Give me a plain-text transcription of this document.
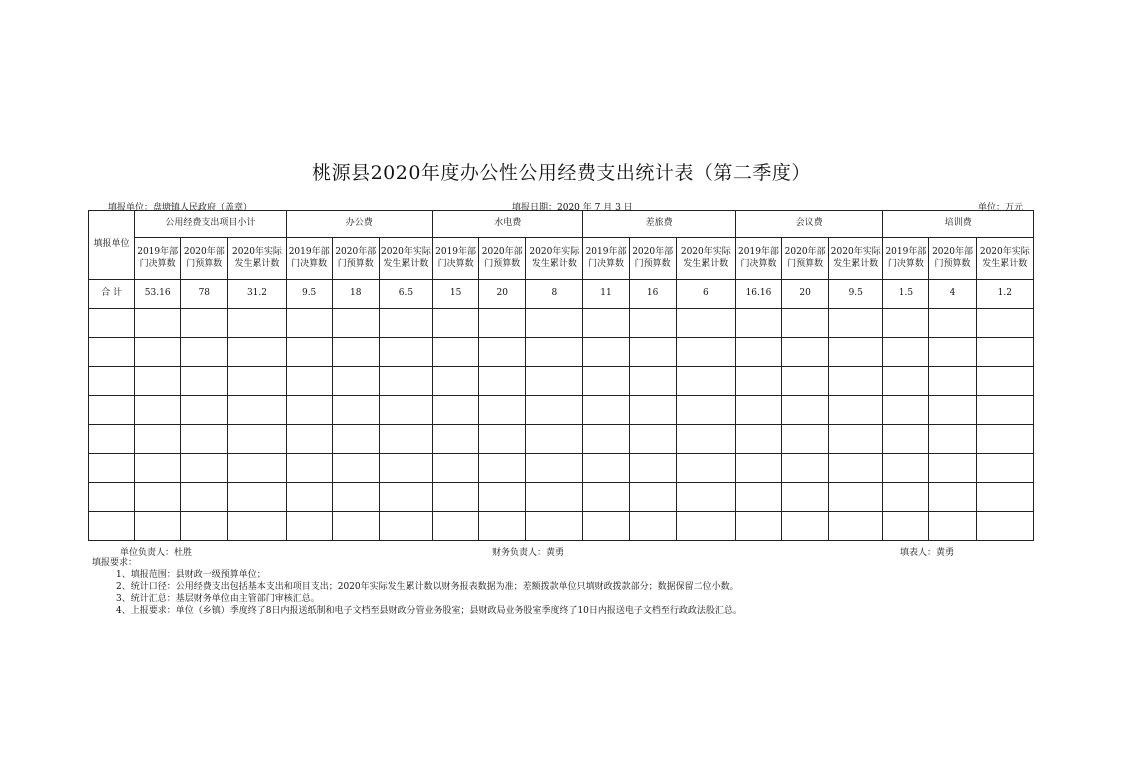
桃源县2020年度办公性公用经费支出统计表（第二季度）
填报单位：盘塘镇人民政府（盖章）	填报日期：2020 年 7 月 3 日	单位：万元
填报单位	公用经费支出项目小计			办公费			水电费			差旅费			会议费			培训费		
	2019年部门决算数	2020年部门预算数	2020年实际发生累计数	2019年部门决算数	2020年部门预算数	2020年实际发生累计数	2019年部门决算数	2020年部门预算数	2020年实际发生累计数	2019年部门决算数	2020年部门预算数	2020年实际发生累计数	2019年部门决算数	2020年部门预算数	2020年实际发生累计数	2019年部门决算数	2020年部门预算数	2020年实际发生累计数
合 计	53.16	78	31.2	9.5	18	6.5	15	20	8	11	16	6	16.16	20	9.5	1.5	4	1.2

单位负责人：杜胜	财务负责人：黄勇	填表人：黄勇
填报要求：
1、填报范围：县财政一级预算单位；
2、统计口径：公用经费支出包括基本支出和项目支出；2020年实际发生累计数以财务报表数据为准；差额拨款单位只填财政拨款部分；数据保留二位小数。
3、统计汇总：基层财务单位由主管部门审核汇总。
4、上报要求：单位（乡镇）季度终了8日内报送纸制和电子文档至县财政分管业务股室；县财政局业务股室季度终了10日内报送电子文档至行政政法股汇总。
